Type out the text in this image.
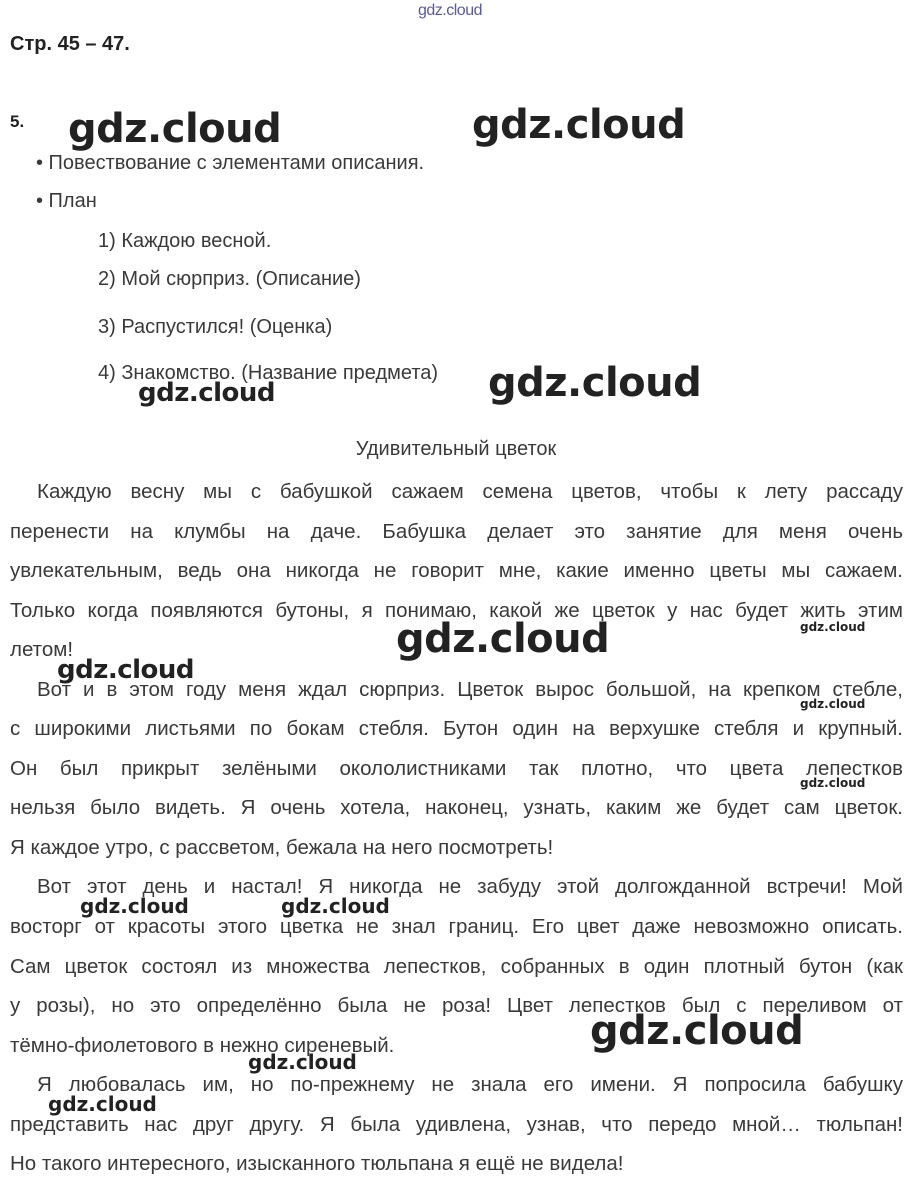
gdz.cloud
Стр. 45 – 47.
5.
• Повествование с элементами описания.
• План
1) Каждою весной.
2) Мой сюрприз. (Описание)
3) Распустился! (Оценка)
4) Знакомство. (Название предмета)
Удивительный цветок
Каждую весну мы с бабушкой сажаем семена цветов, чтобы к лету рассаду
перенести на клумбы на даче. Бабушка делает это занятие для меня очень
увлекательным, ведь она никогда не говорит мне, какие именно цветы мы сажаем.
Только когда появляются бутоны, я понимаю, какой же цветок у нас будет жить этим
летом!
Вот и в этом году меня ждал сюрприз. Цветок вырос большой, на крепком стебле,
с широкими листьями по бокам стебля. Бутон один на верхушке стебля и крупный.
Он был прикрыт зелёными окололистниками так плотно, что цвета лепестков
нельзя было видеть. Я очень хотела, наконец, узнать, каким же будет сам цветок.
Я каждое утро, с рассветом, бежала на него посмотреть!
Вот этот день и настал! Я никогда не забуду этой долгожданной встречи! Мой
восторг от красоты этого цветка не знал границ. Его цвет даже невозможно описать.
Сам цветок состоял из множества лепестков, собранных в один плотный бутон (как
у розы), но это определённо была не роза! Цвет лепестков был с переливом от
тёмно-фиолетового в нежно сиреневый.
Я любовалась им, но по-прежнему не знала его имени. Я попросила бабушку
представить нас друг другу. Я была удивлена, узнав, что передо мной… тюльпан!
Но такого интересного, изысканного тюльпана я ещё не видела!
gdz.cloud	gdz.cloud
gdz.cloud	gdz.cloud
gdz.cloud	gdz.cloud
gdz.cloud
gdz.cloud
gdz.cloud
gdz.cloud	gdz.cloud
gdz.cloud
gdz.cloud
gdz.cloud
